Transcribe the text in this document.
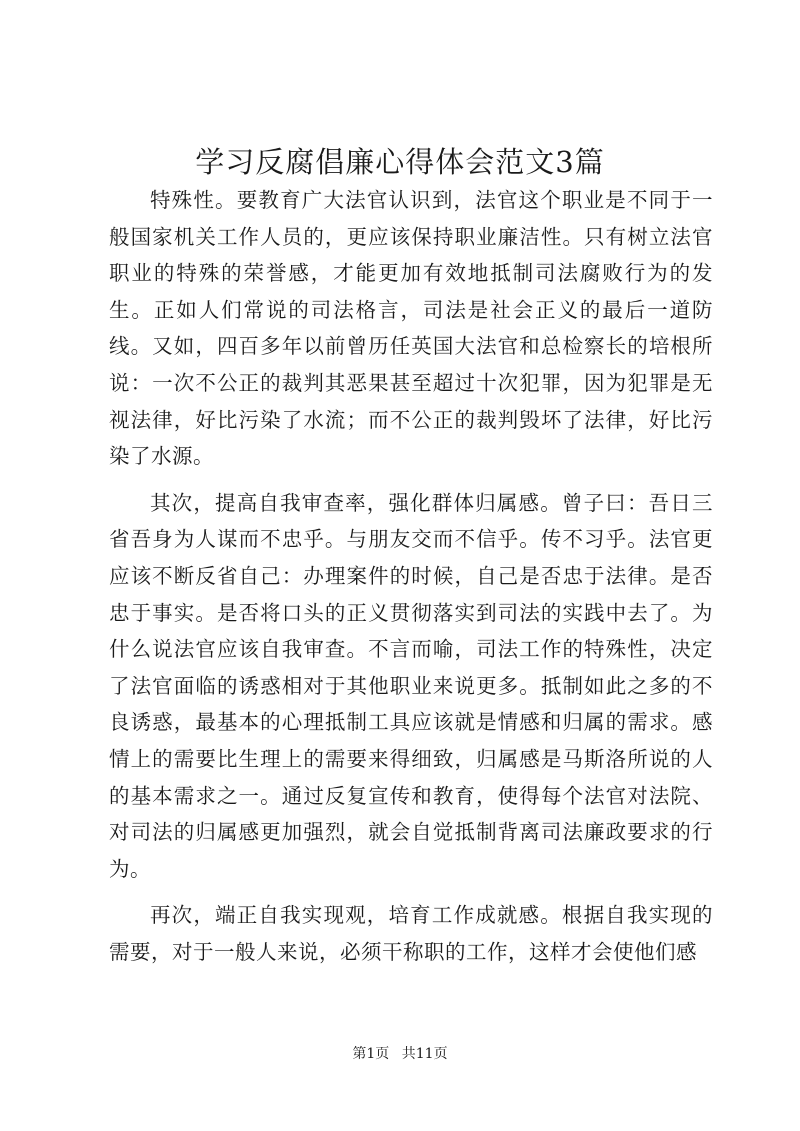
学习反腐倡廉心得体会范文3篇

特殊性。要教育广大法官认识到，法官这个职业是不同于一般国家机关工作人员的，更应该保持职业廉洁性。只有树立法官职业的特殊的荣誉感，才能更加有效地抵制司法腐败行为的发生。正如人们常说的司法格言，司法是社会正义的最后一道防线。又如，四百多年以前曾历任英国大法官和总检察长的培根所说：一次不公正的裁判其恶果甚至超过十次犯罪，因为犯罪是无视法律，好比污染了水流；而不公正的裁判毁坏了法律，好比污染了水源。

其次，提高自我审查率，强化群体归属感。曾子曰：吾日三省吾身为人谋而不忠乎。与朋友交而不信乎。传不习乎。法官更应该不断反省自己：办理案件的时候，自己是否忠于法律。是否忠于事实。是否将口头的正义贯彻落实到司法的实践中去了。为什么说法官应该自我审查。不言而喻，司法工作的特殊性，决定了法官面临的诱惑相对于其他职业来说更多。抵制如此之多的不良诱惑，最基本的心理抵制工具应该就是情感和归属的需求。感情上的需要比生理上的需要来得细致，归属感是马斯洛所说的人的基本需求之一。通过反复宣传和教育，使得每个法官对法院、对司法的归属感更加强烈，就会自觉抵制背离司法廉政要求的行为。

再次，端正自我实现观，培育工作成就感。根据自我实现的需要，对于一般人来说，必须干称职的工作，这样才会使他们感

第1页 共11页
